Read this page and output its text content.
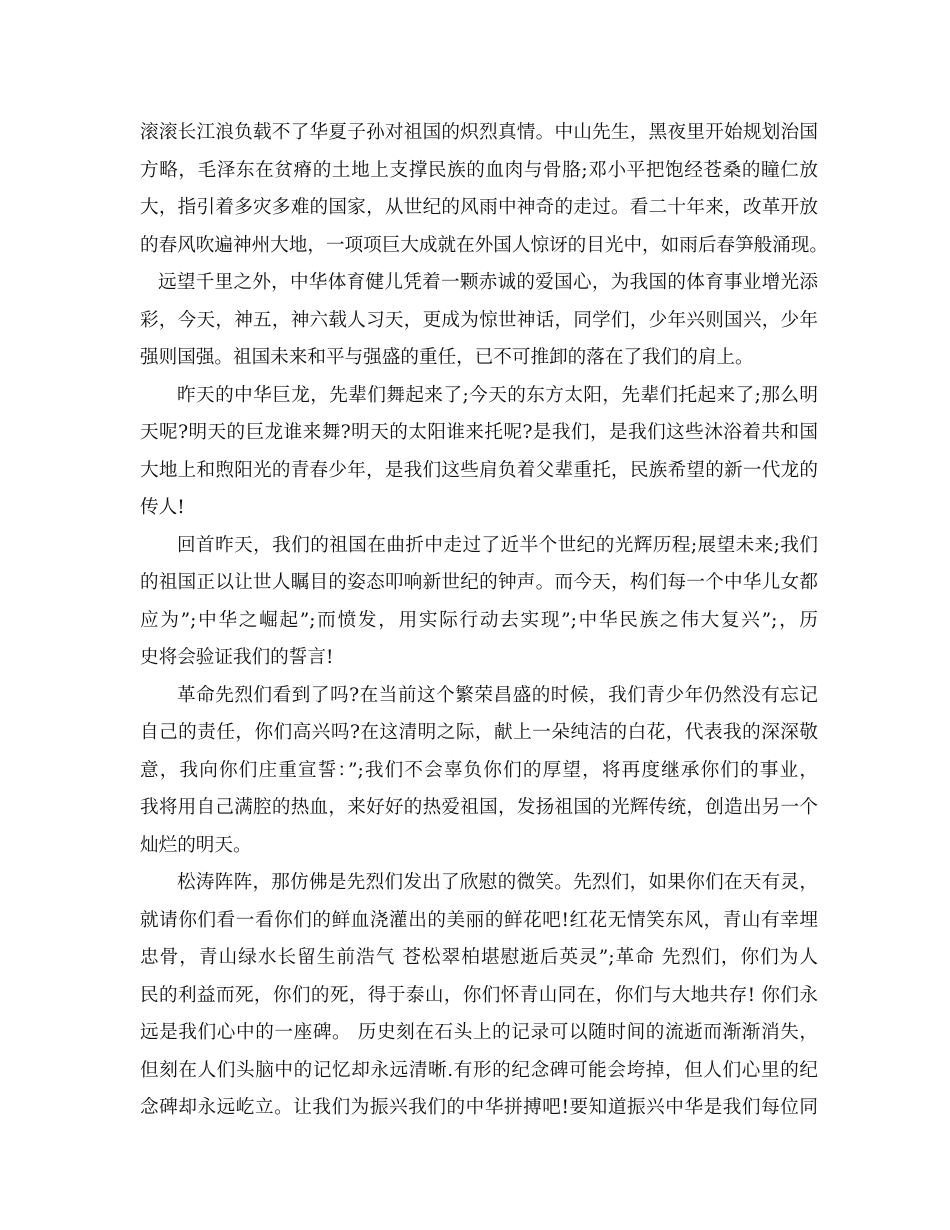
滚滚长江浪负载不了华夏子孙对祖国的炽烈真情。中山先生，黑夜里开始规划治国
方略，毛泽东在贫瘠的土地上支撑民族的血肉与骨胳;邓小平把饱经苍桑的瞳仁放
大，指引着多灾多难的国家，从世纪的风雨中神奇的走过。看二十年来，改革开放
的春风吹遍神州大地，一项项巨大成就在外国人惊讶的目光中，如雨后春笋般涌现。
远望千里之外，中华体育健儿凭着一颗赤诚的爱国心，为我国的体育事业增光添
彩，今天，神五，神六载人习天，更成为惊世神话，同学们，少年兴则国兴，少年
强则国强。祖国未来和平与强盛的重任，已不可推卸的落在了我们的肩上。
昨天的中华巨龙，先辈们舞起来了;今天的东方太阳，先辈们托起来了;那么明
天呢?明天的巨龙谁来舞?明天的太阳谁来托呢?是我们，是我们这些沐浴着共和国
大地上和煦阳光的青春少年，是我们这些肩负着父辈重托，民族希望的新一代龙的
传人!
回首昨天，我们的祖国在曲折中走过了近半个世纪的光辉历程;展望未来;我们
的祖国正以让世人瞩目的姿态叩响新世纪的钟声。而今天，构们每一个中华儿女都
应为”;中华之崛起”;而愤发，用实际行动去实现”;中华民族之伟大复兴”;，历
史将会验证我们的誓言!
革命先烈们看到了吗?在当前这个繁荣昌盛的时候，我们青少年仍然没有忘记
自己的责任，你们高兴吗?在这清明之际，献上一朵纯洁的白花，代表我的深深敬
意，我向你们庄重宣誓：”;我们不会辜负你们的厚望，将再度继承你们的事业，
我将用自己满腔的热血，来好好的热爱祖国，发扬祖国的光辉传统，创造出另一个
灿烂的明天。
松涛阵阵，那仿佛是先烈们发出了欣慰的微笑。先烈们，如果你们在天有灵，
就请你们看一看你们的鲜血浇灌出的美丽的鲜花吧!红花无情笑东风，青山有幸埋
忠骨，青山绿水长留生前浩气 苍松翠柏堪慰逝后英灵”;革命 先烈们，你们为人
民的利益而死，你们的死，得于泰山，你们怀青山同在，你们与大地共存! 你们永
远是我们心中的一座碑。 历史刻在石头上的记录可以随时间的流逝而渐渐消失，
但刻在人们头脑中的记忆却永远清晰.有形的纪念碑可能会垮掉，但人们心里的纪
念碑却永远屹立。让我们为振兴我们的中华拼搏吧!要知道振兴中华是我们每位同
